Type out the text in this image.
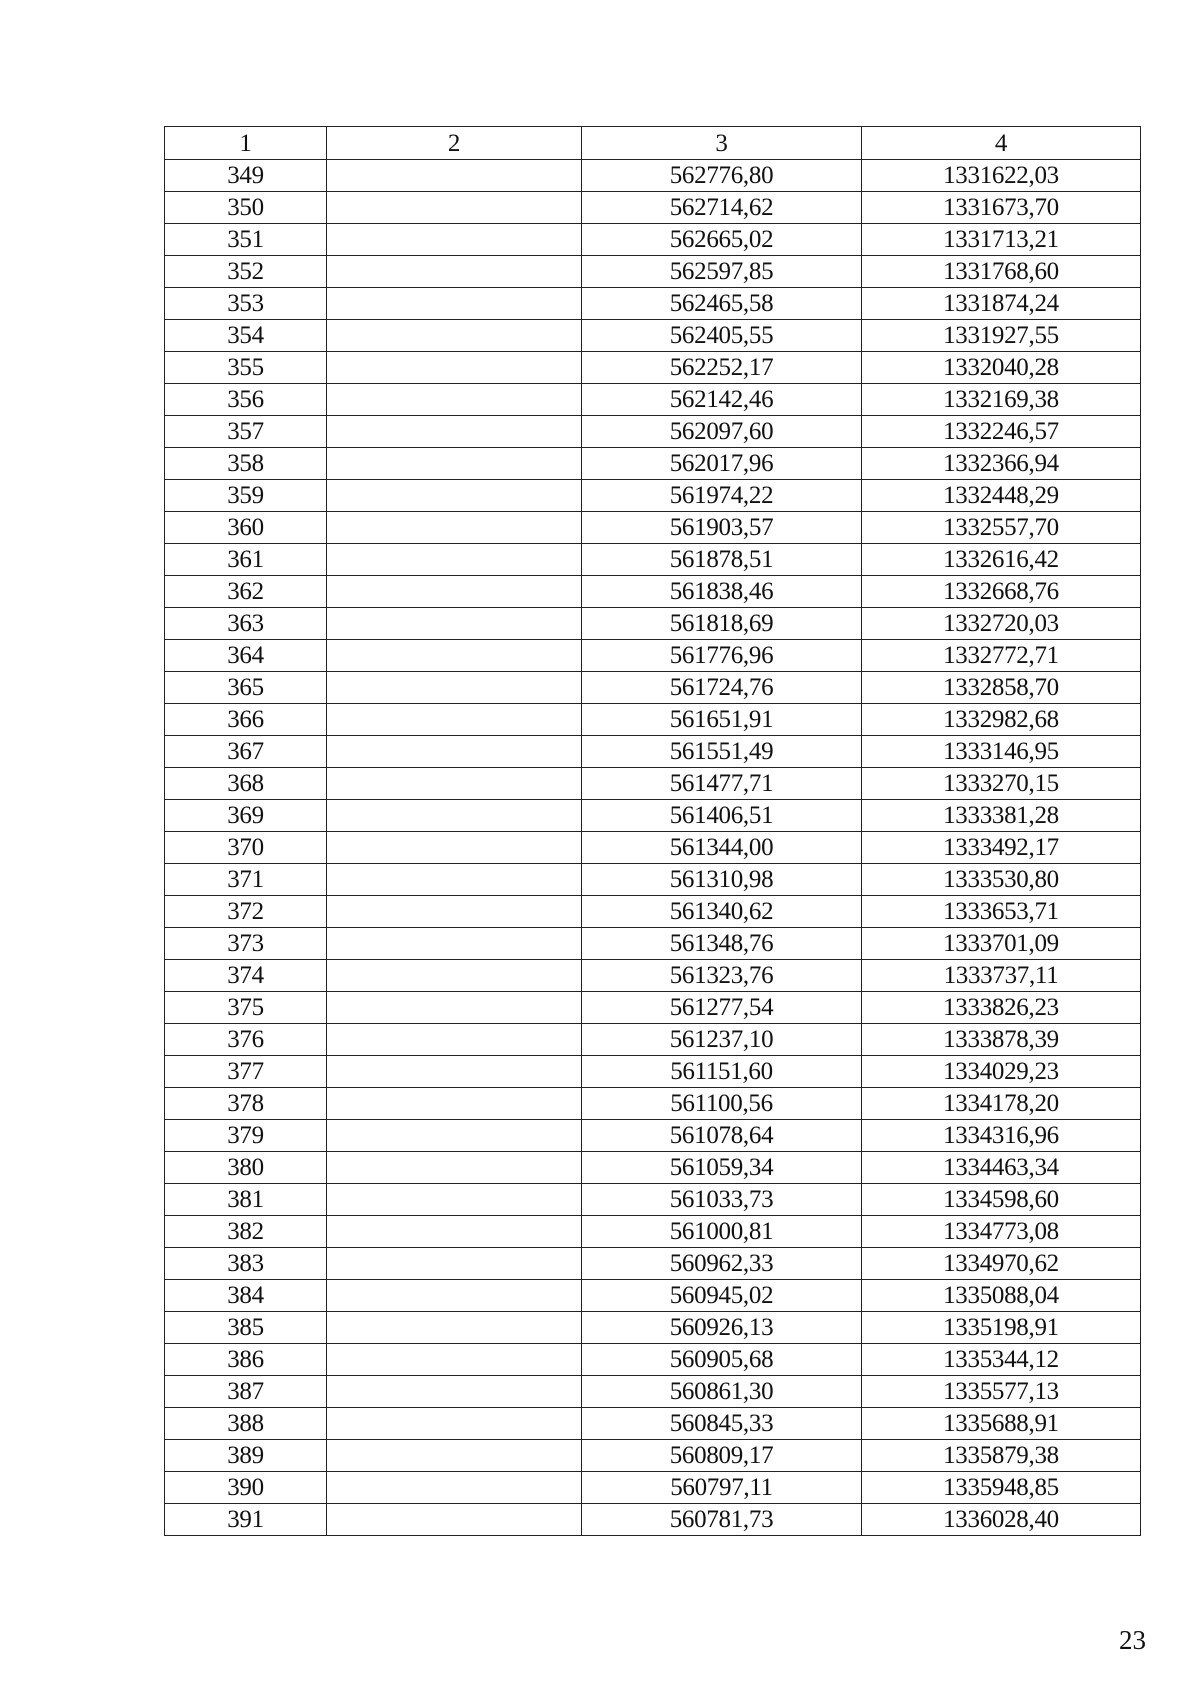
1	2	3	4
349		562776,80	1331622,03
350		562714,62	1331673,70
351		562665,02	1331713,21
352		562597,85	1331768,60
353		562465,58	1331874,24
354		562405,55	1331927,55
355		562252,17	1332040,28
356		562142,46	1332169,38
357		562097,60	1332246,57
358		562017,96	1332366,94
359		561974,22	1332448,29
360		561903,57	1332557,70
361		561878,51	1332616,42
362		561838,46	1332668,76
363		561818,69	1332720,03
364		561776,96	1332772,71
365		561724,76	1332858,70
366		561651,91	1332982,68
367		561551,49	1333146,95
368		561477,71	1333270,15
369		561406,51	1333381,28
370		561344,00	1333492,17
371		561310,98	1333530,80
372		561340,62	1333653,71
373		561348,76	1333701,09
374		561323,76	1333737,11
375		561277,54	1333826,23
376		561237,10	1333878,39
377		561151,60	1334029,23
378		561100,56	1334178,20
379		561078,64	1334316,96
380		561059,34	1334463,34
381		561033,73	1334598,60
382		561000,81	1334773,08
383		560962,33	1334970,62
384		560945,02	1335088,04
385		560926,13	1335198,91
386		560905,68	1335344,12
387		560861,30	1335577,13
388		560845,33	1335688,91
389		560809,17	1335879,38
390		560797,11	1335948,85
391		560781,73	1336028,40
23
